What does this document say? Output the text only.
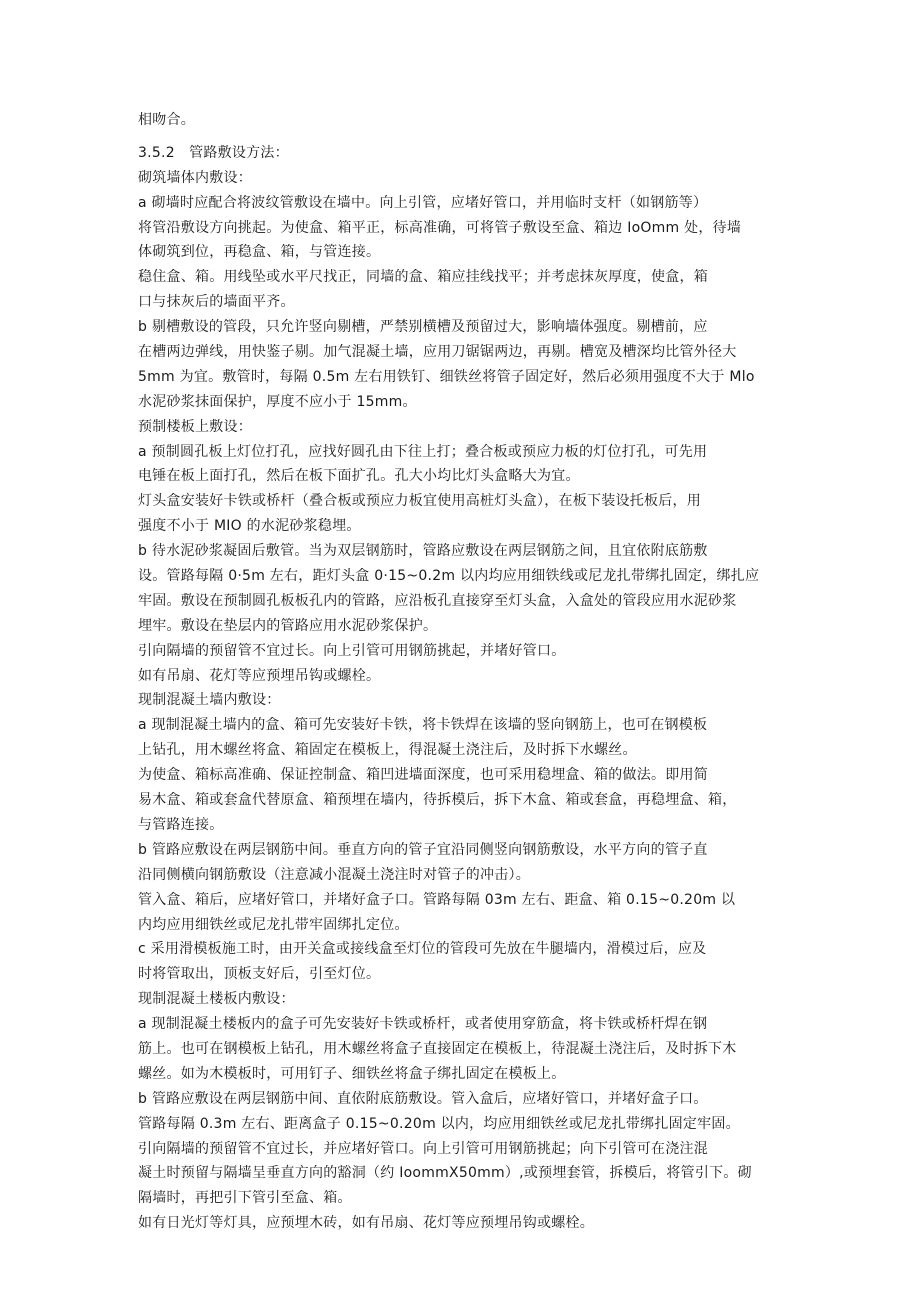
相吻合。
3.5.2　管路敷设方法：
砌筑墙体内敷设：
a 砌墙时应配合将波纹管敷设在墙中。向上引管，应堵好管口，并用临时支杆（如钢筋等）
将管沿敷设方向挑起。为使盒、箱平正，标高准确，可将管子敷设至盒、箱边 IoOmm 处，待墙
体砌筑到位，再稳盒、箱，与管连接。
稳住盒、箱。用线坠或水平尺找正，同墙的盒、箱应挂线找平；并考虑抹灰厚度，使盒，箱
口与抹灰后的墙面平齐。
b 剔槽敷设的管段，只允许竖向剔槽，严禁别横槽及预留过大，影响墙体强度。剔槽前，应
在槽两边弹线，用快鉴子剔。加气混凝土墙，应用刀锯锯两边，再剔。槽宽及槽深均比管外径大
5mm 为宜。敷管时，每隔 0.5m 左右用铁钉、细铁丝将管子固定好，然后必须用强度不大于 Mlo
水泥砂浆抹面保护，厚度不应小于 15mm。
预制楼板上敷设：
a 预制圆孔板上灯位打孔，应找好圆孔由下往上打；叠合板或预应力板的灯位打孔，可先用
电锤在板上面打孔，然后在板下面扩孔。孔大小均比灯头盒略大为宜。
灯头盒安装好卡铁或桥杆（叠合板或预应力板宜使用高桩灯头盒），在板下装设托板后，用
强度不小于 MIO 的水泥砂浆稳埋。
b 待水泥砂浆凝固后敷管。当为双层钢筋时，管路应敷设在两层钢筋之间，且宜依附底筋敷
设。管路每隔 0·5m 左右，距灯头盒 0·15~0.2m 以内均应用细铁线或尼龙扎带绑扎固定，绑扎应
牢固。敷设在预制圆孔板板孔内的管路，应沿板孔直接穿至灯头盒，入盒处的管段应用水泥砂浆
埋牢。敷设在垫层内的管路应用水泥砂浆保护。
引向隔墙的预留管不宜过长。向上引管可用钢筋挑起，并堵好管口。
如有吊扇、花灯等应预埋吊钩或螺栓。
现制混凝土墙内敷设：
a 现制混凝土墙内的盒、箱可先安装好卡铁，将卡铁焊在该墙的竖向钢筋上，也可在钢模板
上钻孔，用木螺丝将盒、箱固定在模板上，得混凝土浇注后，及时拆下水螺丝。
为使盒、箱标高准确、保证控制盒、箱凹进墙面深度，也可采用稳埋盒、箱的做法。即用简
易木盒、箱或套盒代替原盒、箱预埋在墙内，待拆模后，拆下木盒、箱或套盒，再稳埋盒、箱，
与管路连接。
b 管路应敷设在两层钢筋中间。垂直方向的管子宜沿同侧竖向钢筋敷设，水平方向的管子直
沿同侧横向钢筋敷设（注意减小混凝土浇注时对管子的冲击）。
管入盒、箱后，应堵好管口，并堵好盒子口。管路每隔 03m 左右、距盒、箱 0.15~0.20m 以
内均应用细铁丝或尼龙扎带牢固绑扎定位。
c 采用滑模板施工时，由开关盒或接线盒至灯位的管段可先放在牛腿墙内，滑模过后，应及
时将管取出，顶板支好后，引至灯位。
现制混凝土楼板内敷设：
a 现制混凝土楼板内的盒子可先安装好卡铁或桥杆，或者使用穿筋盒，将卡铁或桥杆焊在钢
筋上。也可在钢模板上钻孔，用木螺丝将盒子直接固定在模板上，待混凝土浇注后，及时拆下木
螺丝。如为木模板时，可用钉子、细铁丝将盒子绑扎固定在模板上。
b 管路应敷设在两层钢筋中间、直依附底筋敷设。管入盒后，应堵好管口，并堵好盒子口。
管路每隔 0.3m 左右、距离盒子 0.15~0.20m 以内，均应用细铁丝或尼龙扎带绑扎固定牢固。
引向隔墙的预留管不宜过长，并应堵好管口。向上引管可用钢筋挑起；向下引管可在浇注混
凝土时预留与隔墙呈垂直方向的豁洞（约 IoommX50mm）,或预埋套管，拆模后，将管引下。砌
隔墙时，再把引下管引至盒、箱。
如有日光灯等灯具，应预埋木砖，如有吊扇、花灯等应预埋吊钩或螺栓。
